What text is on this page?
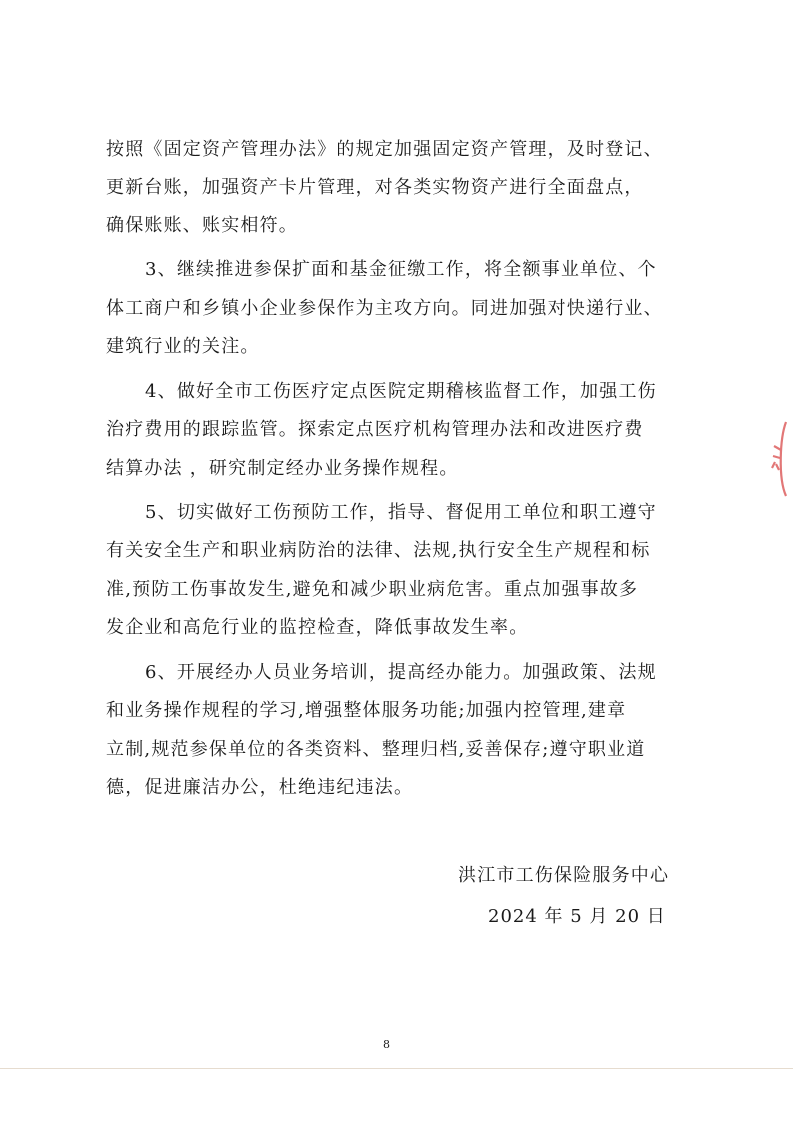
按照《固定资产管理办法》的规定加强固定资产管理，及时登记、
更新台账，加强资产卡片管理，对各类实物资产进行全面盘点，
确保账账、账实相符。
3、继续推进参保扩面和基金征缴工作，将全额事业单位、个
体工商户和乡镇小企业参保作为主攻方向。同进加强对快递行业、
建筑行业的关注。
4、做好全市工伤医疗定点医院定期稽核监督工作，加强工伤
治疗费用的跟踪监管。探索定点医疗机构管理办法和改进医疗费
结算办法 ，研究制定经办业务操作规程。
5、切实做好工伤预防工作，指导、督促用工单位和职工遵守
有关安全生产和职业病防治的法律、法规,执行安全生产规程和标
准,预防工伤事故发生,避免和减少职业病危害。重点加强事故多
发企业和高危行业的监控检查，降低事故发生率。
6、开展经办人员业务培训，提高经办能力。加强政策、法规
和业务操作规程的学习,增强整体服务功能;加强内控管理,建章
立制,规范参保单位的各类资料、整理归档,妥善保存;遵守职业道
德，促进廉洁办公，杜绝违纪违法。
洪江市工伤保险服务中心
2024 年 5 月 20 日
8
